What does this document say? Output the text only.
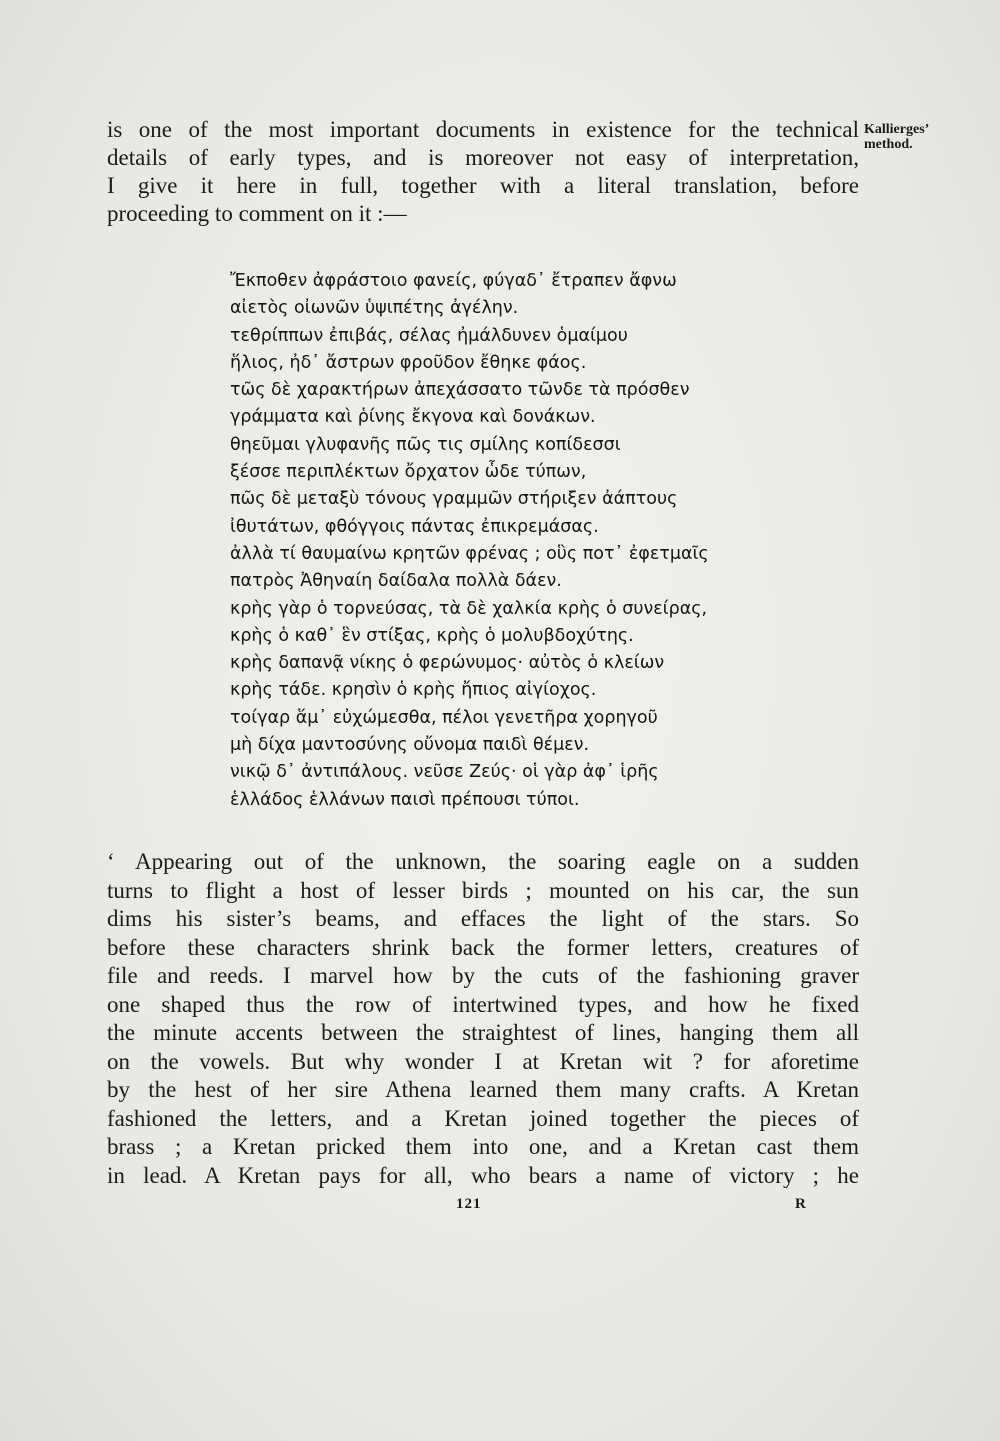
is one of the most important documents in existence for the technical
details of early types, and is moreover not easy of interpretation,
I give it here in full, together with a literal translation, before
proceeding to comment on it :—
Kallierges’

method.
Ἔκποθεν ἀφράστοιο φανείς, φύγαδ᾽ ἔτραπεν ἄφνω
αἰετὸς οἰωνῶν ὑψιπέτης ἀγέλην.
τεθρίππων ἐπιβάς, σέλας ἠμάλδυνεν ὁμαίμου
ἥλιος, ἠδ᾽ ἄστρων φροῦδον ἔθηκε φάος.
τῶς δὲ χαρακτήρων ἀπεχάσσατο τῶνδε τὰ πρόσθεν
γράμματα καὶ ῥίνης ἔκγονα καὶ δονάκων.
θηεῦμαι γλυφανῆς πῶς τις σμίλης κοπίδεσσι
ξέσσε περιπλέκτων ὄρχατον ὧδε τύπων,
πῶς δὲ μεταξὺ τόνους γραμμῶν στήριξεν ἀάπτους
ἰθυτάτων, φθόγγοις πάντας ἐπικρεμάσας.
ἀλλὰ τί θαυμαίνω κρητῶν φρένας ; οὓς ποτ᾽ ἐφετμαῖς
πατρὸς Ἀθηναίη δαίδαλα πολλὰ δάεν.
κρὴς γὰρ ὁ τορνεύσας, τὰ δὲ χαλκία κρὴς ὁ συνείρας,
κρὴς ὁ καθ᾽ ἓν στίξας, κρὴς ὁ μολυβδοχύτης.
κρὴς δαπανᾷ νίκης ὁ φερώνυμος· αὐτὸς ὁ κλείων
κρὴς τάδε. κρησὶν ὁ κρὴς ἤπιος αἰγίοχος.
τοίγαρ ἅμ᾽ εὐχώμεσθα, πέλοι γενετῆρα χορηγοῦ
μὴ δίχα μαντοσύνης οὔνομα παιδὶ θέμεν.
νικῷ δ᾽ ἀντιπάλους. νεῦσε Ζεύς· οἱ γὰρ ἀφ᾽ ἱρῆς
ἑλλάδος ἑλλάνων παισὶ πρέπουσι τύποι.
‘ Appearing out of the unknown, the soaring eagle on a sudden
turns to flight a host of lesser birds ; mounted on his car, the sun
dims his sister’s beams, and effaces the light of the stars. So
before these characters shrink back the former letters, creatures of
file and reeds. I marvel how by the cuts of the fashioning graver
one shaped thus the row of intertwined types, and how he fixed
the minute accents between the straightest of lines, hanging them all
on the vowels. But why wonder I at Kretan wit ? for aforetime
by the hest of her sire Athena learned them many crafts. A Kretan
fashioned the letters, and a Kretan joined together the pieces of
brass ; a Kretan pricked them into one, and a Kretan cast them
in lead. A Kretan pays for all, who bears a name of victory ; he
121	R
